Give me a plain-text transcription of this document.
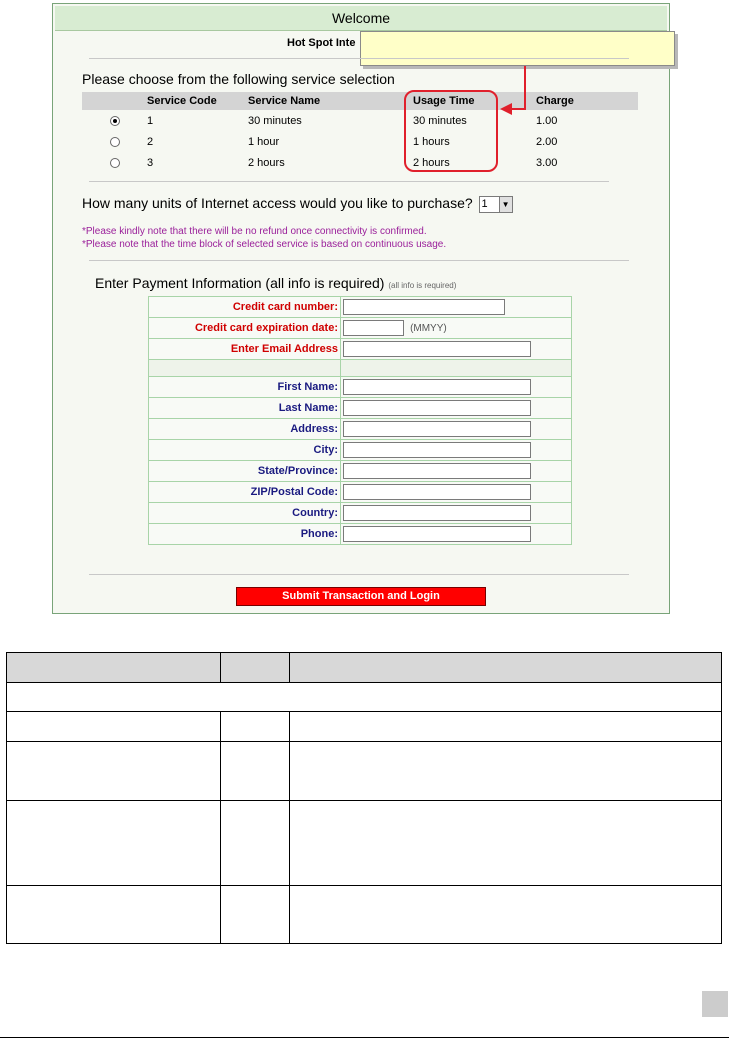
Welcome
Hot Spot Inte
Please choose from the following service selection
	Service Code	Service Name	Usage Time	Charge
	1	30 minutes	30 minutes	1.00
	2	1 hour	1 hours	2.00
	3	2 hours	2 hours	3.00
How many units of Internet access would you like to purchase? 1	▼
*Please kindly note that there will be no refund once connectivity is confirmed.
*Please note that the time block of selected service is based on continuous usage.
Enter Payment Information (all info is required) (all info is required)
Credit card number:	
Credit card expiration date:	(MMYY)
Enter Email Address	

First Name:	
Last Name:	
Address:	
City:	
State/Province:	
ZIP/Postal Code:	
Country:	
Phone:	
Submit Transaction and Login
